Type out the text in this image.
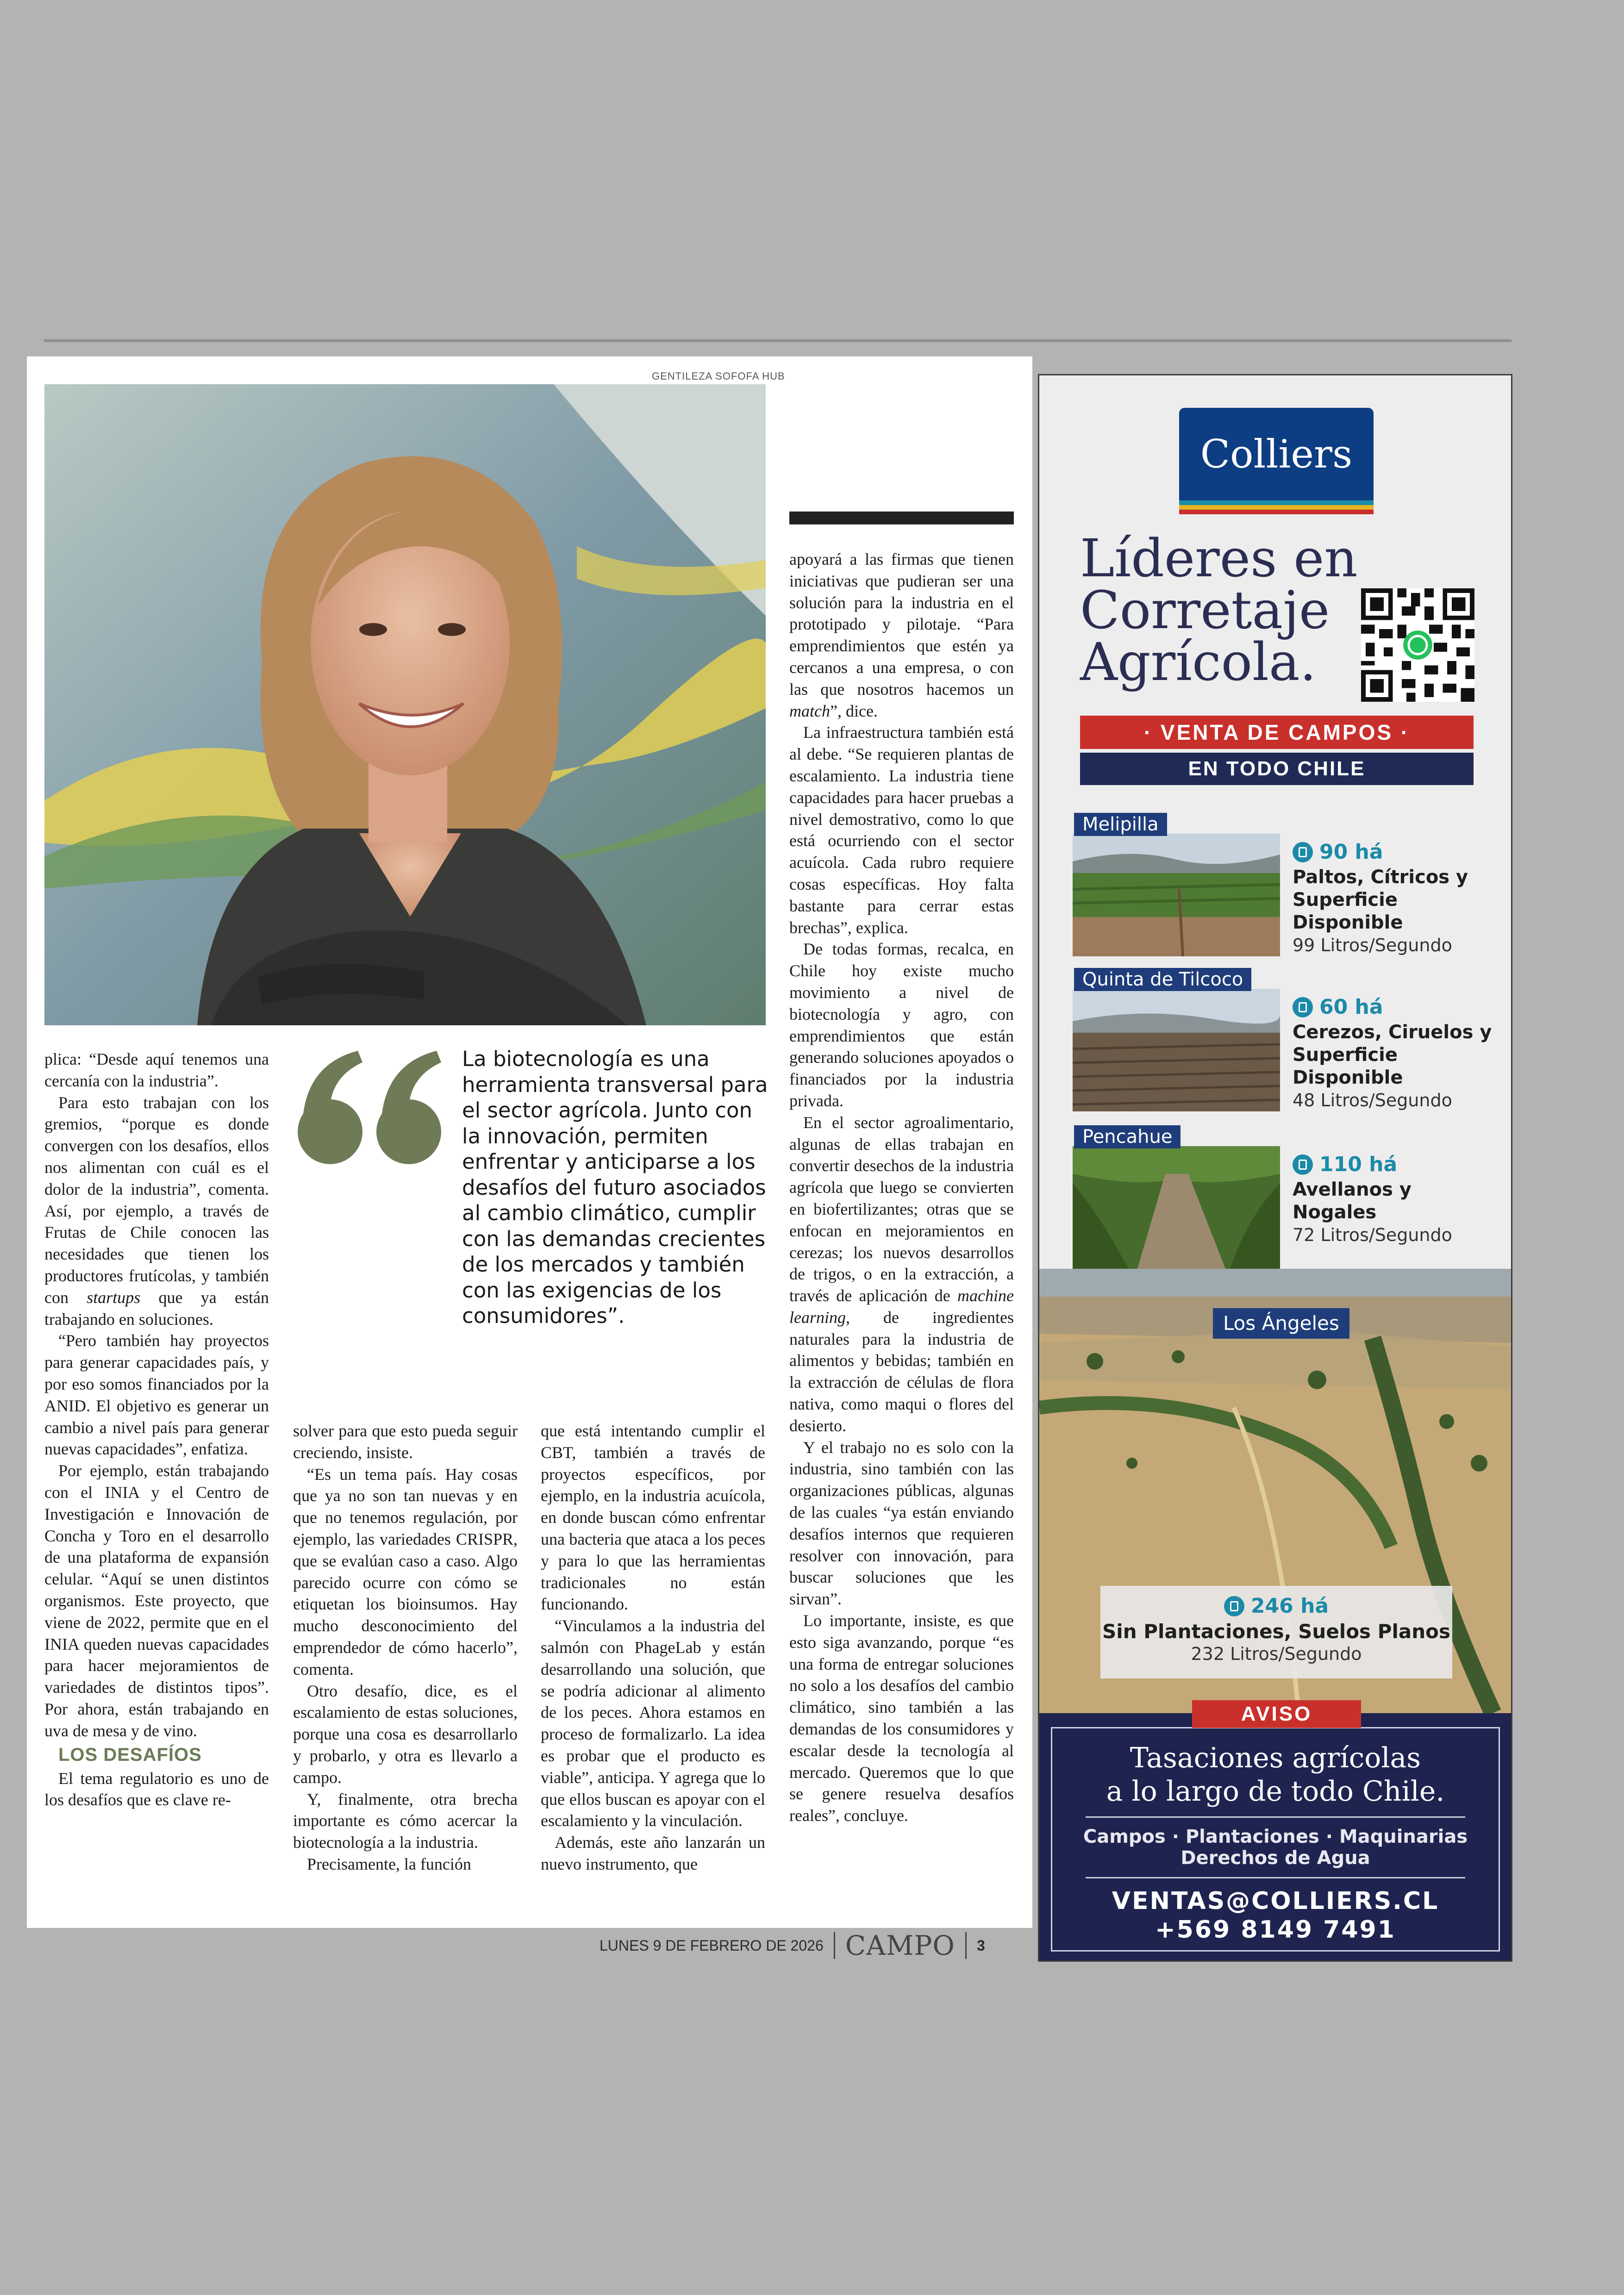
GENTILEZA SOFOFA HUB

plica: “Desde aquí tenemos una cercanía con la industria”.

Para esto trabajan con los gremios, “porque es donde convergen con los desafíos, ellos nos alimentan con cuál es el dolor de la industria”, comenta. Así, por ejemplo, a través de Frutas de Chile conocen las necesidades que tienen los productores frutícolas, y también con startups que ya están trabajando en soluciones.

“Pero también hay proyectos para generar capacidades país, y por eso somos financiados por la ANID. El objetivo es generar un cambio a nivel país para generar nuevas capacidades”, enfatiza.

Por ejemplo, están trabajando con el INIA y el Centro de Investigación e Innovación de Concha y Toro en el desarrollo de una plataforma de expansión celular. “Aquí se unen distintos organismos. Este proyecto, que viene de 2022, permite que en el INIA queden nuevas capacidades para hacer mejoramientos de variedades de distintos tipos”. Por ahora, están trabajando en uva de mesa y de vino.

LOS DESAFÍOS

El tema regulatorio es uno de los desafíos que es clave re-

La biotecnología es una herramienta transversal para el sector agrícola. Junto con la innovación, permiten enfrentar y anticiparse a los desafíos del futuro asociados al cambio climático, cumplir con las demandas crecientes de los mercados y también con las exigencias de los consumidores”.

solver para que esto pueda seguir creciendo, insiste.

“Es un tema país. Hay cosas que ya no son tan nuevas y en que no tenemos regulación, por ejemplo, las variedades CRISPR, que se evalúan caso a caso. Algo parecido ocurre con cómo se etiquetan los bioinsumos. Hay mucho desconocimiento del emprendedor de cómo hacerlo”, comenta.

Otro desafío, dice, es el escalamiento de estas soluciones, porque una cosa es desarrollarlo y probarlo, y otra es llevarlo a campo.

Y, finalmente, otra brecha importante es cómo acercar la biotecnología a la industria.

Precisamente, la función

que está intentando cumplir el CBT, también a través de proyectos específicos, por ejemplo, en la industria acuícola, en donde buscan cómo enfrentar una bacteria que ataca a los peces y para lo que las herramientas tradicionales no están funcionando.

“Vinculamos a la industria del salmón con PhageLab y están desarrollando una solución, que se podría adicionar al alimento de los peces. Ahora estamos en proceso de formalizarlo. La idea es probar que el producto es viable”, anticipa. Y agrega que lo que ellos buscan es apoyar con el escalamiento y la vinculación.

Además, este año lanzarán un nuevo instrumento, que

apoyará a las firmas que tienen iniciativas que pudieran ser una solución para la industria en el prototipado y pilotaje. “Para emprendimientos que estén ya cercanos a una empresa, o con las que nosotros hacemos un match”, dice.

La infraestructura también está al debe. “Se requieren plantas de escalamiento. La industria tiene capacidades para hacer pruebas a nivel demostrativo, como lo que está ocurriendo con el sector acuícola. Cada rubro requiere cosas específicas. Hoy falta bastante para cerrar estas brechas”, explica.

De todas formas, recalca, en Chile hoy existe mucho movimiento a nivel de biotecnología y agro, con emprendimientos que están generando soluciones apoyados o financiados por la industria privada.

En el sector agroalimentario, algunas de ellas trabajan en convertir desechos de la industria agrícola que luego se convierten en biofertilizantes; otras que se enfocan en mejoramientos en cerezas; los nuevos desarrollos de trigos, o en la extracción, a través de aplicación de machine learning, de ingredientes naturales para la industria de alimentos y bebidas; también en la extracción de células de flora nativa, como maqui o flores del desierto.

Y el trabajo no es solo con la industria, sino también con las organizaciones públicas, algunas de las cuales “ya están enviando desafíos internos que requieren resolver con innovación, para buscar soluciones que les sirvan”.

Lo importante, insiste, es que esto siga avanzando, porque “es una forma de entregar soluciones no solo a los desafíos del cambio climático, sino también a las demandas de los consumidores y escalar desde la tecnología al mercado. Queremos que lo que se genere resuelva desafíos reales”, concluye.

LUNES 9 DE FEBRERO DE 2026 CAMPO 3
Colliers
Líderes en
Corretaje
Agrícola.
· VENTA DE CAMPOS ·
EN TODO CHILE
Melipilla
90 há
Paltos, Cítricos y Superficie Disponible
99 Litros/Segundo
Quinta de Tilcoco
60 há
Cerezos, Ciruelos y Superficie Disponible
48 Litros/Segundo
Pencahue
110 há
Avellanos y Nogales
72 Litros/Segundo
Los Ángeles
246 há
Sin Plantaciones, Suelos Planos
232 Litros/Segundo
Tasaciones agrícolas
a lo largo de todo Chile.
Campos · Plantaciones · Maquinarias
Derechos de Agua
VENTAS@COLLIERS.CL
+569 8149 7491
AVISO
